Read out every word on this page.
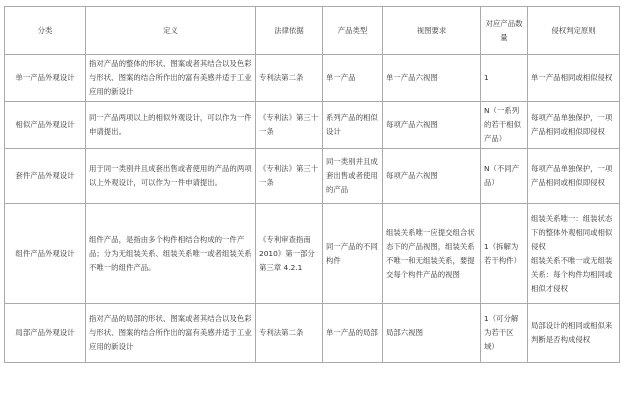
分类	定义	法律依据	产品类型	视图要求	对应产品数量	侵权判定原则
单一产品外观设计	指对产品的整体的形状、图案或者其结合以及色彩与形状、图案的结合所作出的富有美感并适于工业应用的新设计	专利法第二条	单一产品	单一产品六视图	1	单一产品相同或相似侵权

相似产品外观设计	同一产品两项以上的相似外观设计，可以作为一件申请提出。	《专利法》第三十一条	系列产品的相似设计	每项产品六视图	N（一系列的若干相似产品）	每项产品单独保护，一项产品相同或相似即侵权

套件产品外观设计	用于同一类别并且成套出售或者使用的产品的两项以上外观设计，可以作为一件申请提出。	《专利法》第三十一条	同一类别并且成套出售或者使用的产品	每项产品六视图	N（不同产品）	每项产品单独保护，一项产品相同或相似即侵权

组件产品外观设计	组件产品，是指由多个构件相结合构成的一件产品；分为无组装关系、组装关系唯一或者组装关系不唯一的组件产品。	《专利审查指南2010》第一部分第三章 4.2.1	同一产品的不同构件	组装关系唯一应提交组合状态下的产品视图，组装关系不唯一和无组装关系，要提交每个构件产品的视图	1（拆解为若干构件）	组装关系唯一：组装状态下的整体外观相同或相似侵权
组装关系不唯一或无组装关系：每个构件均相同或相似才侵权

局部产品外观设计	指对产品的局部的形状、图案或者其结合以及色彩与形状、图案的结合所作出的富有美感并适于工业应用的新设计	专利法第二条	单一产品的局部	局部六视图	1（可分解为若干区域）	局部设计的相同或相似来判断是否构成侵权
